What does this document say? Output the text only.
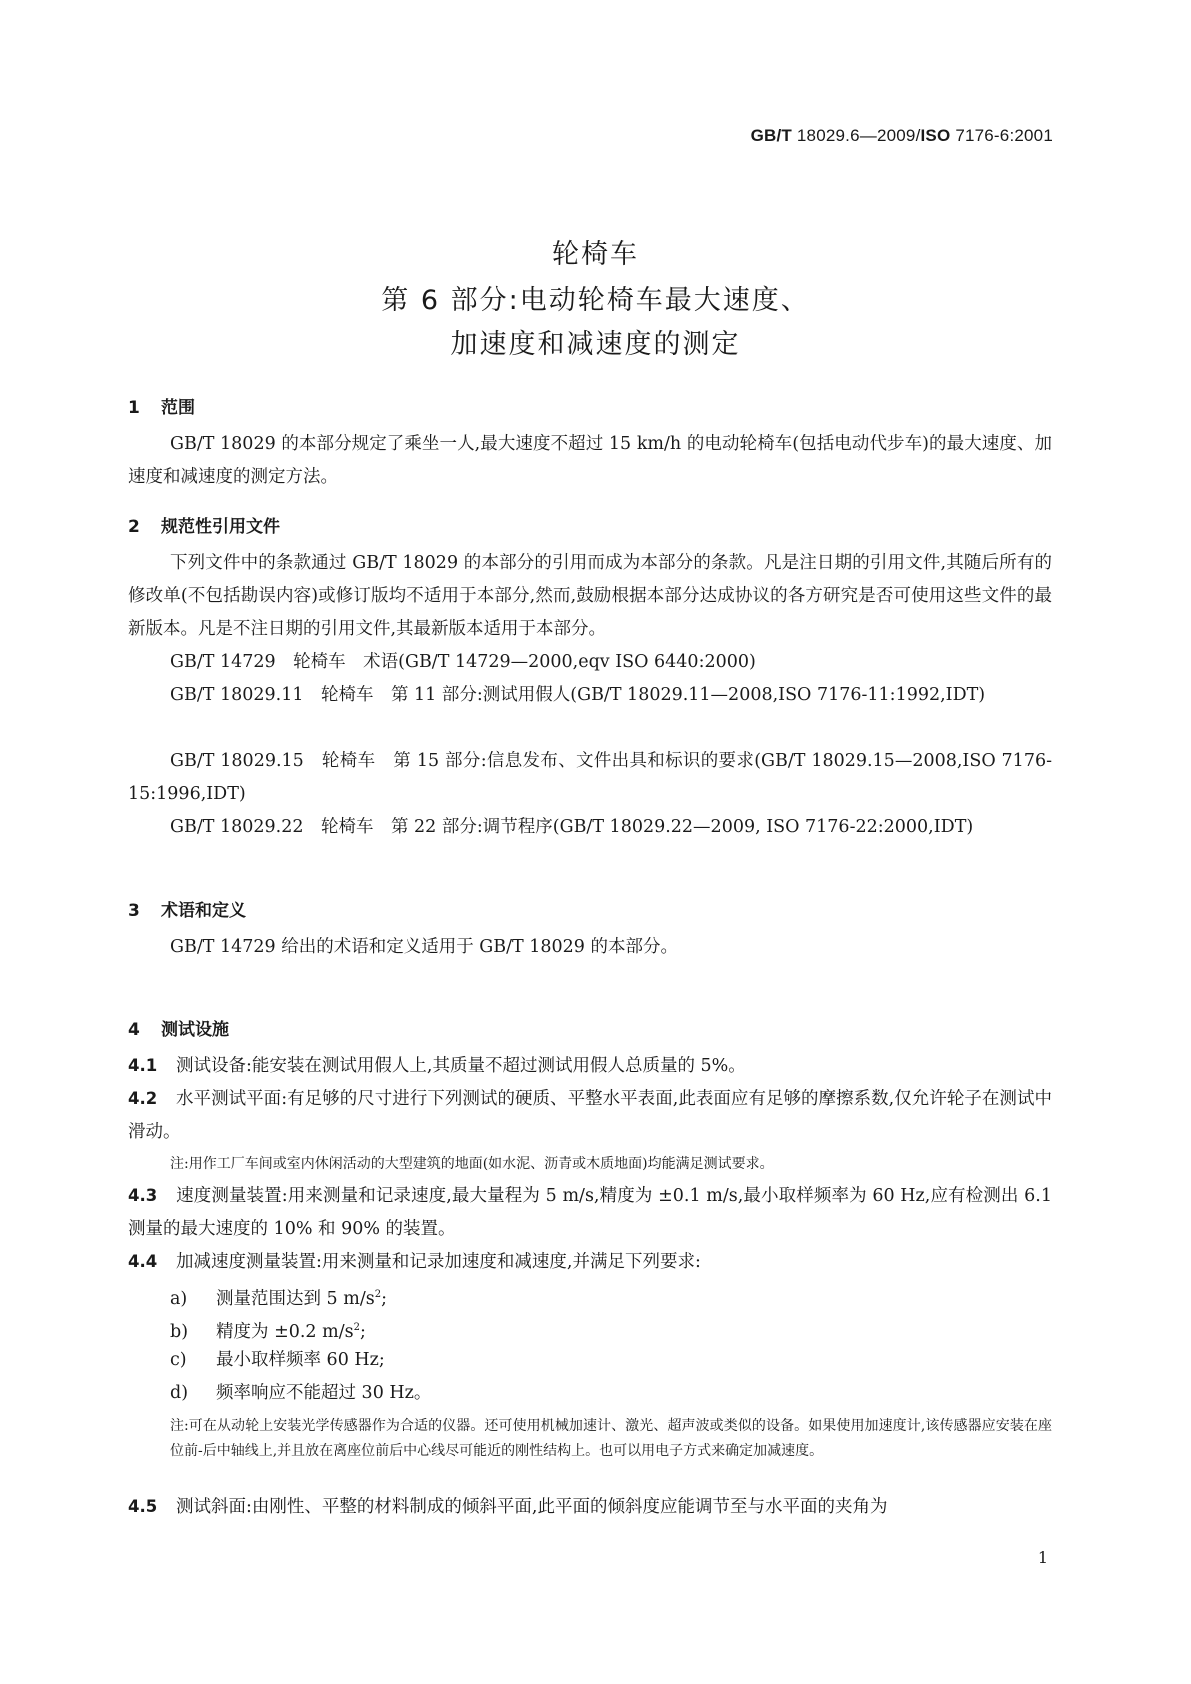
GB/T 18029.6—2009/ISO 7176-6:2001
轮椅车
第 6 部分:电动轮椅车最大速度、
加速度和减速度的测定
1 范围
GB/T 18029 的本部分规定了乘坐一人,最大速度不超过 15 km/h 的电动轮椅车(包括电动代步车)的最大速度、加速度和减速度的测定方法。
2 规范性引用文件
下列文件中的条款通过 GB/T 18029 的本部分的引用而成为本部分的条款。凡是注日期的引用文件,其随后所有的修改单(不包括勘误内容)或修订版均不适用于本部分,然而,鼓励根据本部分达成协议的各方研究是否可使用这些文件的最新版本。凡是不注日期的引用文件,其最新版本适用于本部分。
GB/T 14729　轮椅车　术语(GB/T 14729—2000,eqv ISO 6440:2000)
GB/T 18029.11　轮椅车　第 11 部分:测试用假人(GB/T 18029.11—2008,ISO 7176-11:1992,IDT)
GB/T 18029.15　轮椅车　第 15 部分:信息发布、文件出具和标识的要求(GB/T 18029.15—2008,ISO 7176-15:1996,IDT)
GB/T 18029.22　轮椅车　第 22 部分:调节程序(GB/T 18029.22—2009, ISO 7176-22:2000,IDT)
3 术语和定义
GB/T 14729 给出的术语和定义适用于 GB/T 18029 的本部分。
4 测试设施
4.1 测试设备:能安装在测试用假人上,其质量不超过测试用假人总质量的 5%。
4.2 水平测试平面:有足够的尺寸进行下列测试的硬质、平整水平表面,此表面应有足够的摩擦系数,仅允许轮子在测试中滑动。
注:用作工厂车间或室内休闲活动的大型建筑的地面(如水泥、沥青或木质地面)均能满足测试要求。
4.3 速度测量装置:用来测量和记录速度,最大量程为 5 m/s,精度为 ±0.1 m/s,最小取样频率为 60 Hz,应有检测出 6.1 测量的最大速度的 10% 和 90% 的装置。
4.4 加减速度测量装置:用来测量和记录加速度和减速度,并满足下列要求:
a) 测量范围达到 5 $m/s^2$;
b) 精度为 ±0.2 $m/s^2$;
c) 最小取样频率 60 Hz;
d) 频率响应不能超过 30 Hz。
注:可在从动轮上安装光学传感器作为合适的仪器。还可使用机械加速计、激光、超声波或类似的设备。如果使用加速度计,该传感器应安装在座位前-后中轴线上,并且放在离座位前后中心线尽可能近的刚性结构上。也可以用电子方式来确定加减速度。
4.5 测试斜面:由刚性、平整的材料制成的倾斜平面,此平面的倾斜度应能调节至与水平面的夹角为
1
